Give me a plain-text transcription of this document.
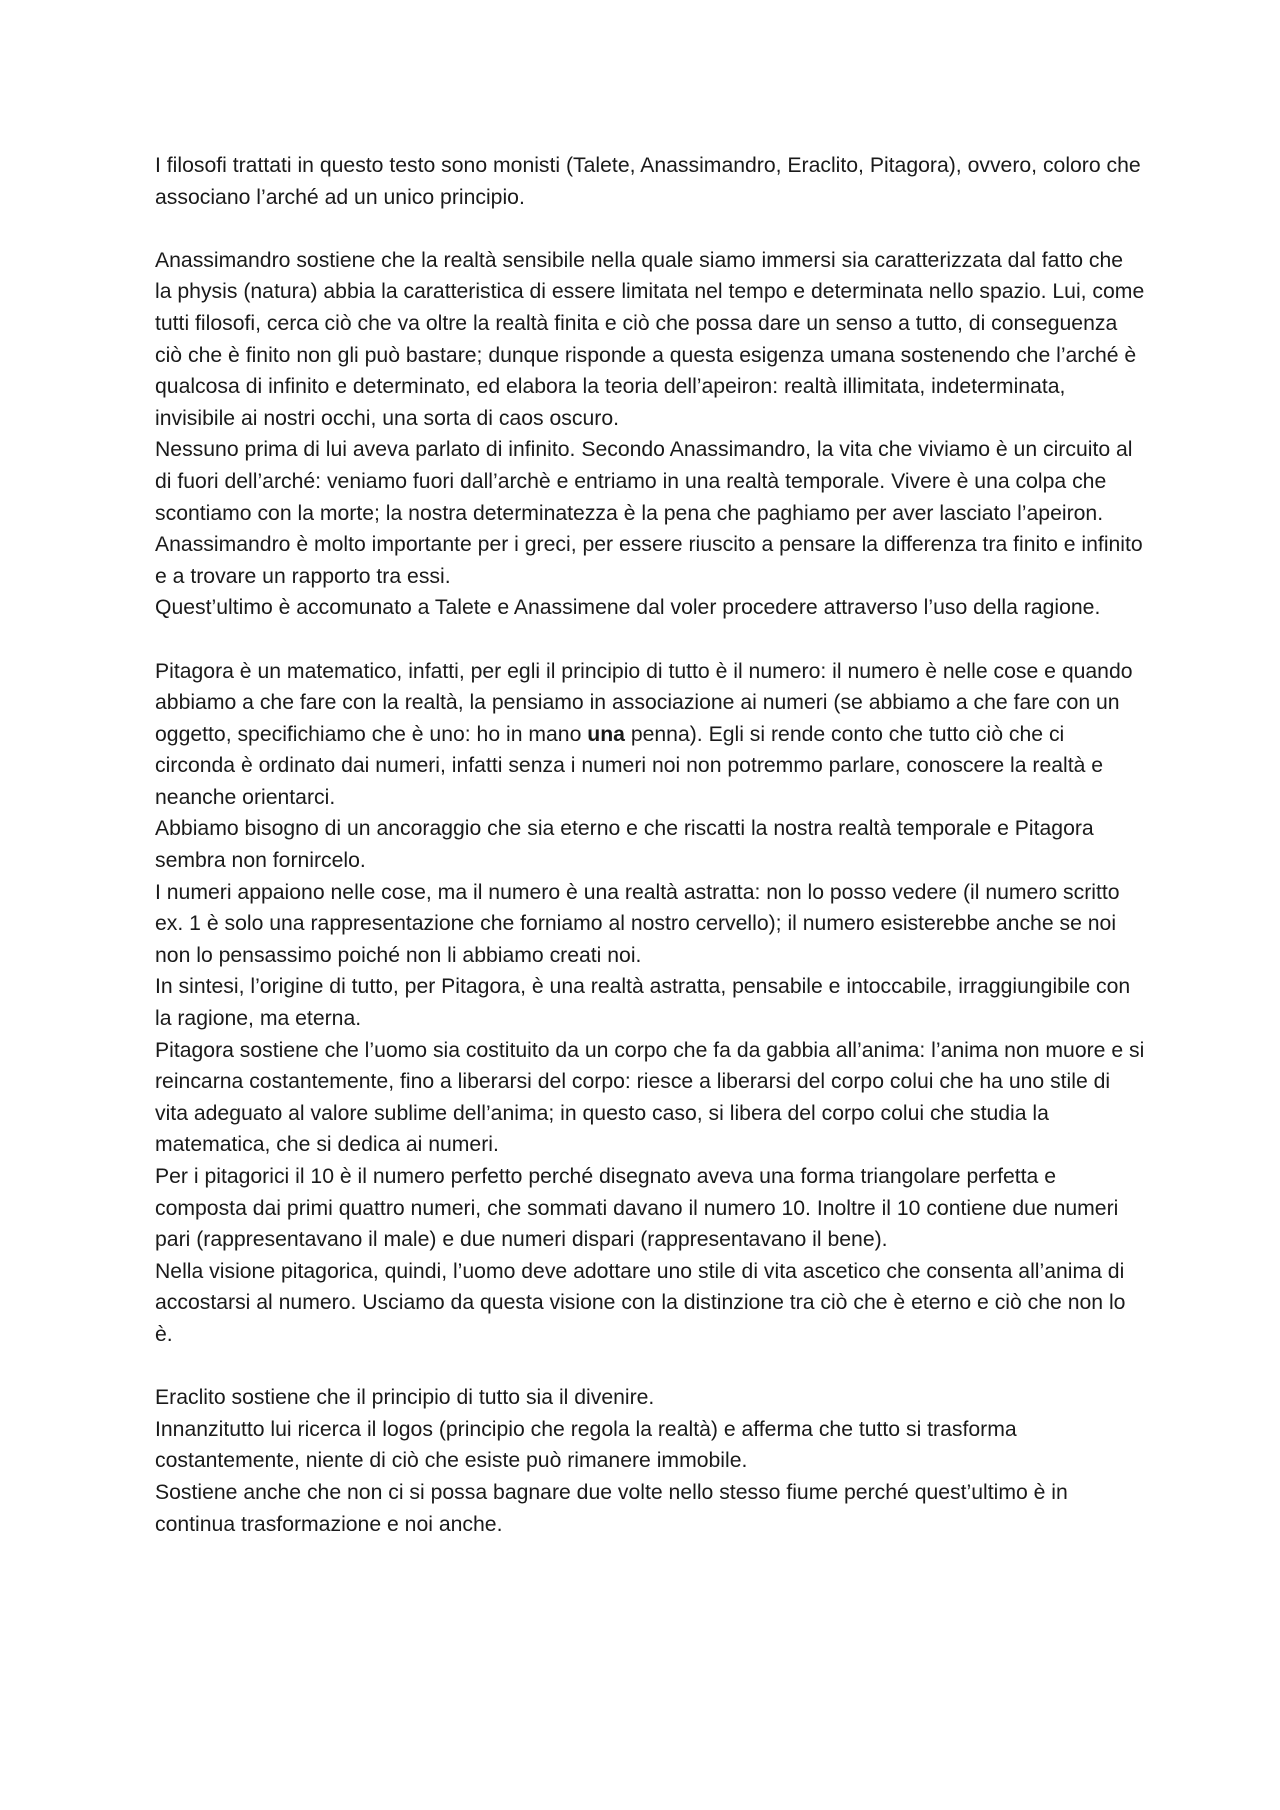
I filosofi trattati in questo testo sono monisti (Talete, Anassimandro, Eraclito, Pitagora), ovvero, coloro che associano l’arché ad un unico principio.

Anassimandro sostiene che la realtà sensibile nella quale siamo immersi sia caratterizzata dal fatto che la physis (natura) abbia la caratteristica di essere limitata nel tempo e determinata nello spazio. Lui, come tutti filosofi, cerca ciò che va oltre la realtà finita e ciò che possa dare un senso a tutto, di conseguenza ciò che è finito non gli può bastare; dunque risponde a questa esigenza umana sostenendo che l’arché è qualcosa di infinito e determinato, ed elabora la teoria dell’apeiron: realtà illimitata, indeterminata, invisibile ai nostri occhi, una sorta di caos oscuro.

Nessuno prima di lui aveva parlato di infinito. Secondo Anassimandro, la vita che viviamo è un circuito al di fuori dell’arché: veniamo fuori dall’archè e entriamo in una realtà temporale. Vivere è una colpa che scontiamo con la morte; la nostra determinatezza è la pena che paghiamo per aver lasciato l’apeiron.

Anassimandro è molto importante per i greci, per essere riuscito a pensare la differenza tra finito e infinito e a trovare un rapporto tra essi.

Quest’ultimo è accomunato a Talete e Anassimene dal voler procedere attraverso l’uso della ragione.

Pitagora è un matematico, infatti, per egli il principio di tutto è il numero: il numero è nelle cose e quando abbiamo a che fare con la realtà, la pensiamo in associazione ai numeri (se abbiamo a che fare con un oggetto, specifichiamo che è uno: ho in mano una penna). Egli si rende conto che tutto ciò che ci circonda è ordinato dai numeri, infatti senza i numeri noi non potremmo parlare, conoscere la realtà e neanche orientarci.

Abbiamo bisogno di un ancoraggio che sia eterno e che riscatti la nostra realtà temporale e Pitagora sembra non fornircelo.

I numeri appaiono nelle cose, ma il numero è una realtà astratta: non lo posso vedere (il numero scritto ex. 1 è solo una rappresentazione che forniamo al nostro cervello); il numero esisterebbe anche se noi non lo pensassimo poiché non li abbiamo creati noi.

In sintesi, l’origine di tutto, per Pitagora, è una realtà astratta, pensabile e intoccabile, irraggiungibile con la ragione, ma eterna.

Pitagora sostiene che l’uomo sia costituito da un corpo che fa da gabbia all’anima: l’anima non muore e si reincarna costantemente, fino a liberarsi del corpo: riesce a liberarsi del corpo colui che ha uno stile di vita adeguato al valore sublime dell’anima; in questo caso, si libera del corpo colui che studia la matematica, che si dedica ai numeri.

Per i pitagorici il 10 è il numero perfetto perché disegnato aveva una forma triangolare perfetta e composta dai primi quattro numeri, che sommati davano il numero 10. Inoltre il 10 contiene due numeri pari (rappresentavano il male) e due numeri dispari (rappresentavano il bene).

Nella visione pitagorica, quindi, l’uomo deve adottare uno stile di vita ascetico che consenta all’anima di accostarsi al numero. Usciamo da questa visione con la distinzione tra ciò che è eterno e ciò che non lo è.

Eraclito sostiene che il principio di tutto sia il divenire.

Innanzitutto lui ricerca il logos (principio che regola la realtà) e afferma che tutto si trasforma costantemente, niente di ciò che esiste può rimanere immobile.

Sostiene anche che non ci si possa bagnare due volte nello stesso fiume perché quest’ultimo è in continua trasformazione e noi anche.
